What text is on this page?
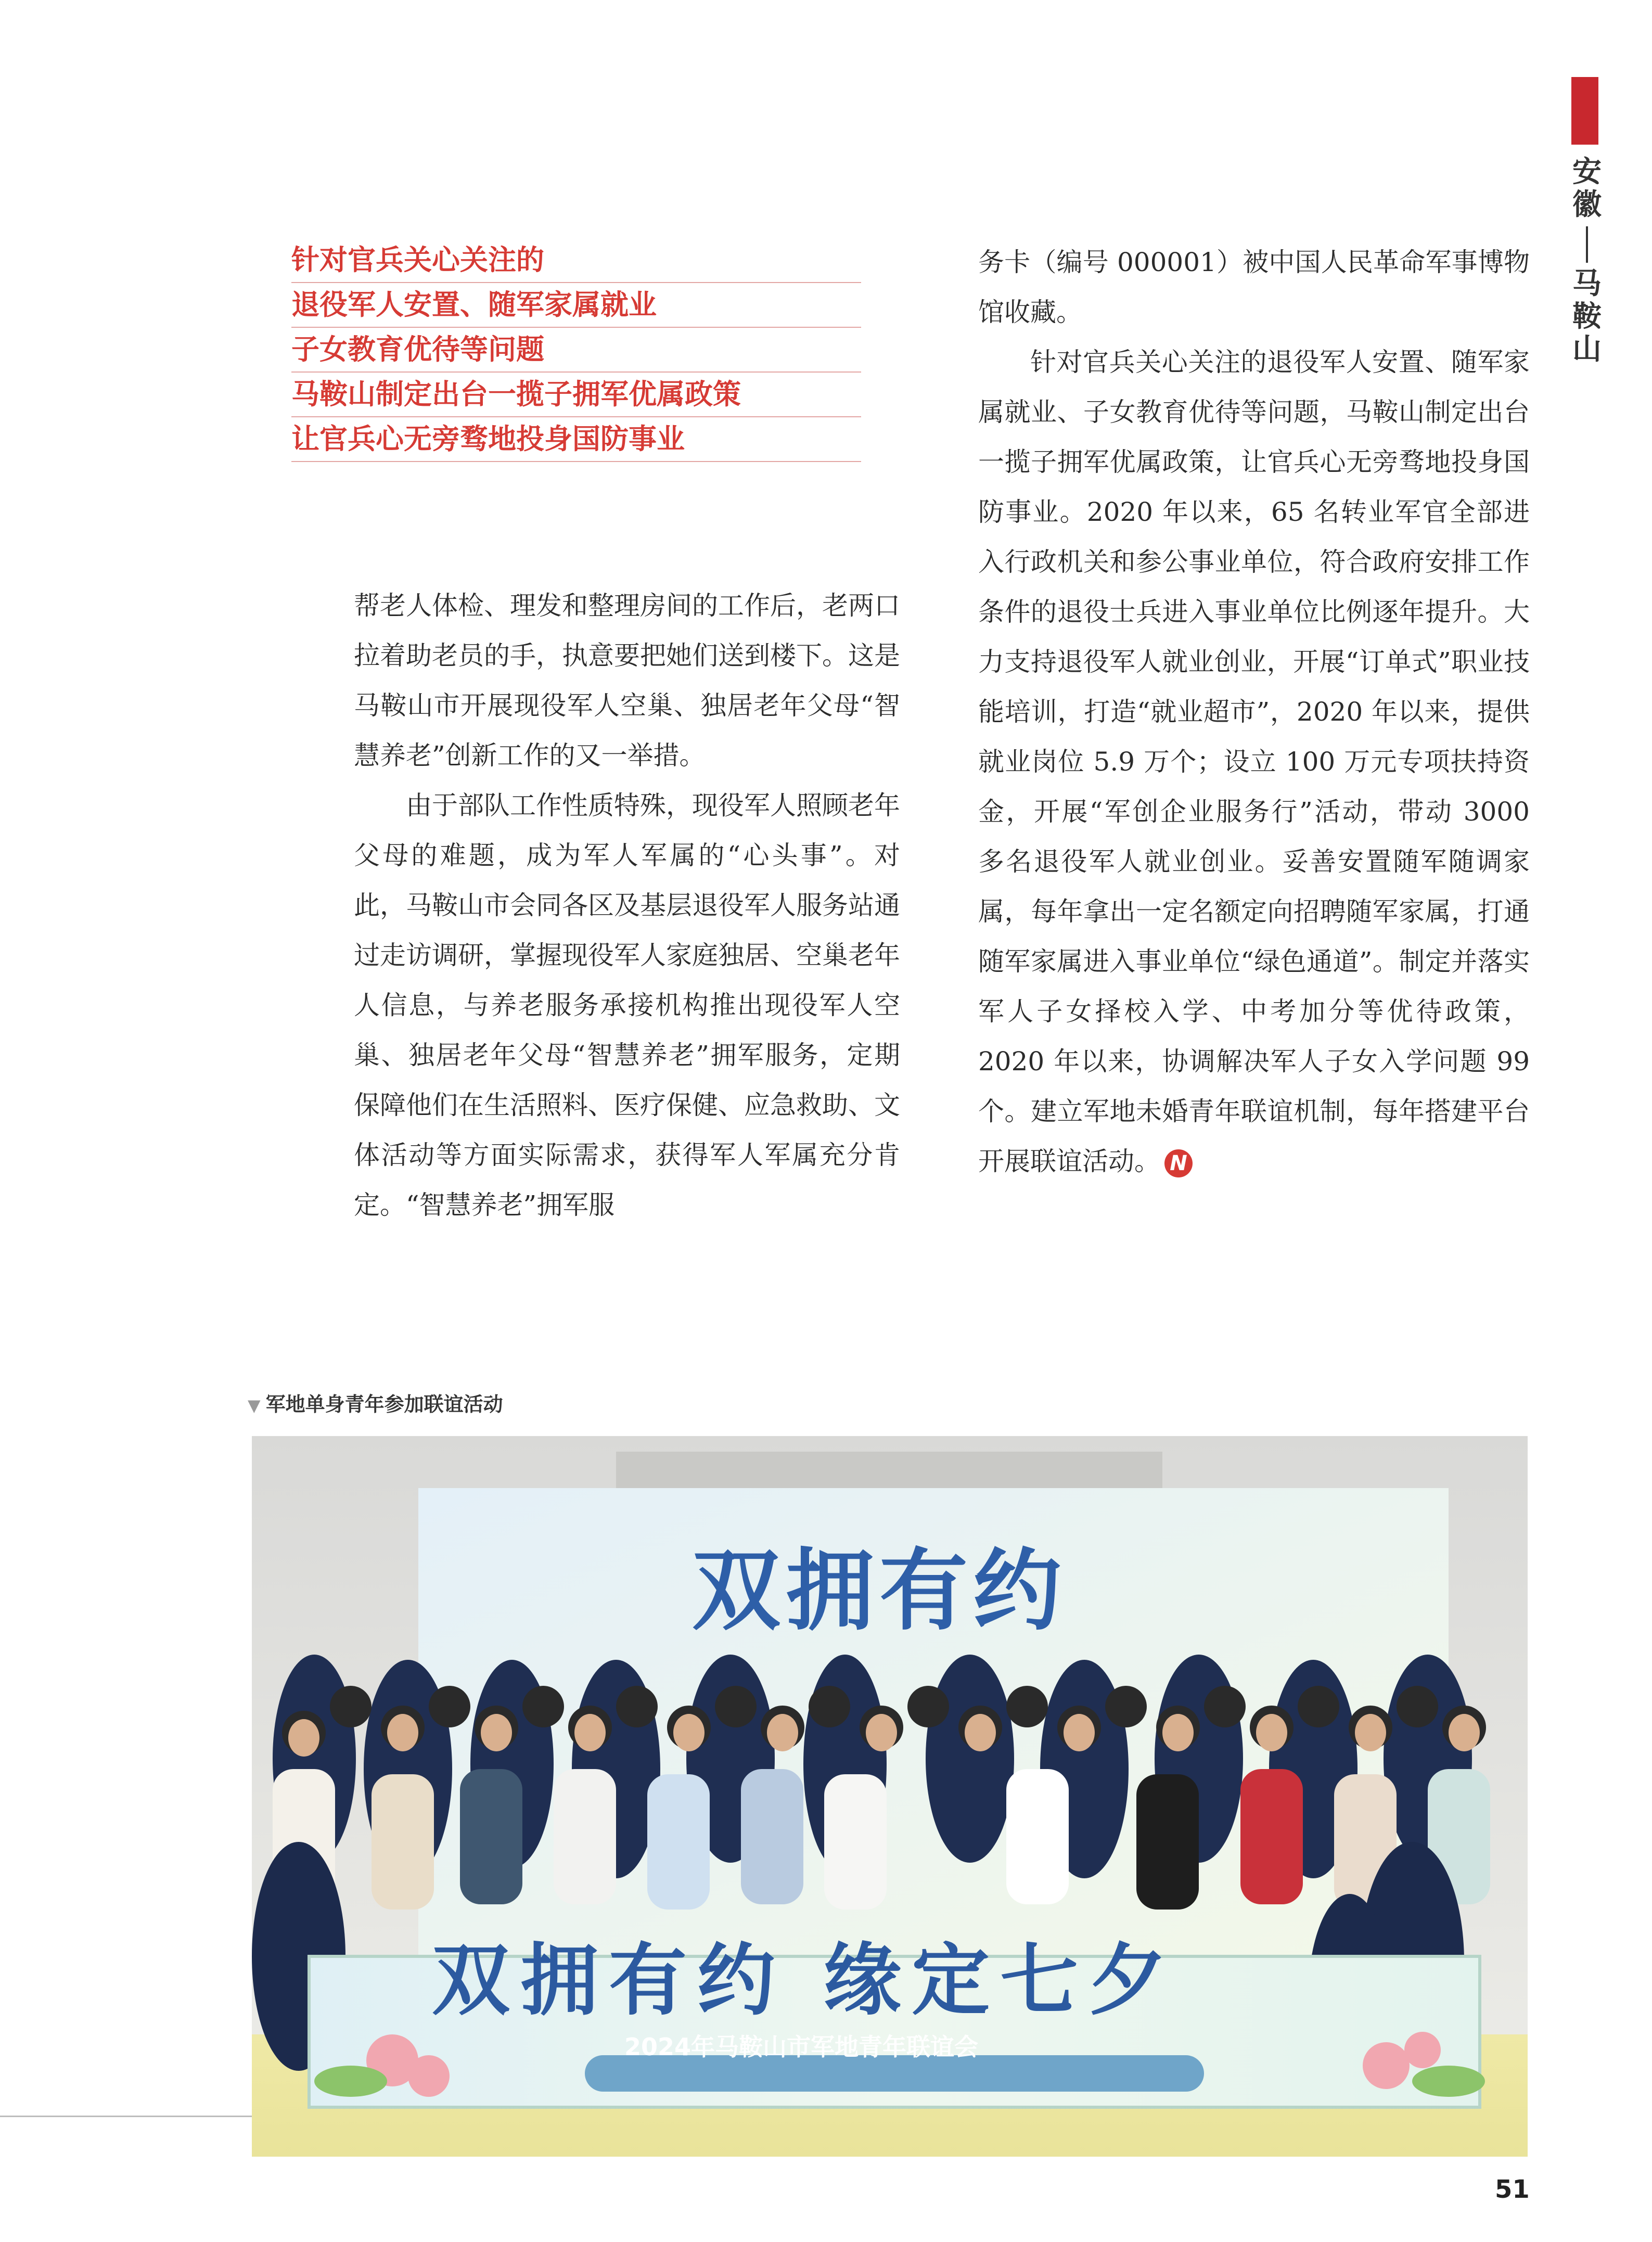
安徽
马鞍山
针对官兵关心关注的
退役军人安置、随军家属就业
子女教育优待等问题
马鞍山制定出台一揽子拥军优属政策
让官兵心无旁骛地投身国防事业

帮老人体检、理发和整理房间的工作后，老两口拉着助老员的手，执意要把她们送到楼下。这是马鞍山市开展现役军人空巢、独居老年父母“智慧养老”创新工作的又一举措。

由于部队工作性质特殊，现役军人照顾老年父母的难题，成为军人军属的“心头事”。对此，马鞍山市会同各区及基层退役军人服务站通过走访调研，掌握现役军人家庭独居、空巢老年人信息，与养老服务承接机构推出现役军人空巢、独居老年父母“智慧养老”拥军服务，定期保障他们在生活照料、医疗保健、应急救助、文体活动等方面实际需求，获得军人军属充分肯定。“智慧养老”拥军服

务卡（编号 000001）被中国人民革命军事博物馆收藏。

针对官兵关心关注的退役军人安置、随军家属就业、子女教育优待等问题，马鞍山制定出台一揽子拥军优属政策，让官兵心无旁骛地投身国防事业。2020 年以来，65 名转业军官全部进入行政机关和参公事业单位，符合政府安排工作条件的退役士兵进入事业单位比例逐年提升。大力支持退役军人就业创业，开展“订单式”职业技能培训，打造“就业超市”，2020 年以来，提供就业岗位 5.9 万个；设立 100 万元专项扶持资金，开展“军创企业服务行”活动，带动 3000 多名退役军人就业创业。妥善安置随军随调家属，每年拿出一定名额定向招聘随军家属，打通随军家属进入事业单位“绿色通道”。制定并落实军人子女择校入学、中考加分等优待政策，2020 年以来，协调解决军人子女入学问题 99 个。建立军地未婚青年联谊机制，每年搭建平台开展联谊活动。 N

▼ 军地单身青年参加联谊活动
双拥有约
双拥有约 缘定七夕
2024年马鞍山市军地青年联谊会
51
